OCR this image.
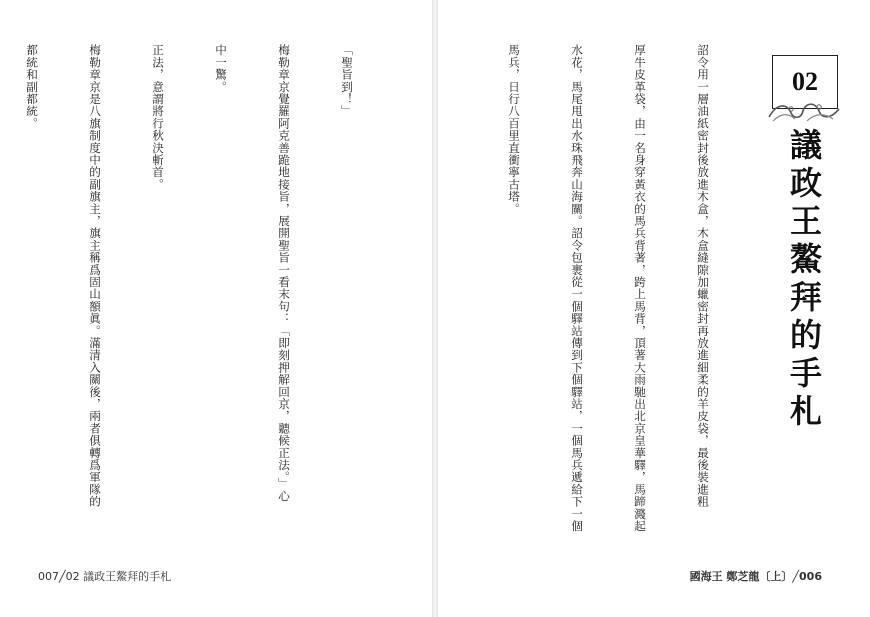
「聖旨到！」

梅勒章京覺羅阿克善跪地接旨，展開聖旨一看末句：「即刻押解回京，聽候正法。」心

中一驚。

正法，意謂將行秋決斬首。

梅勒章京是八旗制度中的副旗主，旗主稱爲固山額眞。滿清入關後，兩者俱轉爲軍隊的

都統和副都統。

007╱02 議政王鰲拜的手札
02
議政王鰲拜的手札

詔令用一層油紙密封後放進木盒，木盒縫隙加蠟密封再放進細柔的羊皮袋，最後裝進粗

厚牛皮革袋，由一名身穿黃衣的馬兵背著，跨上馬背，頂著大雨馳出北京皇華驛，馬蹄濺起

水花，馬尾甩出水珠飛奔山海關。詔令包裹從一個驛站傳到下個驛站，一個馬兵遞給下一個

馬兵，日行八百里直衝寧古塔。

國海王 鄭芝龍〔上〕╱006
